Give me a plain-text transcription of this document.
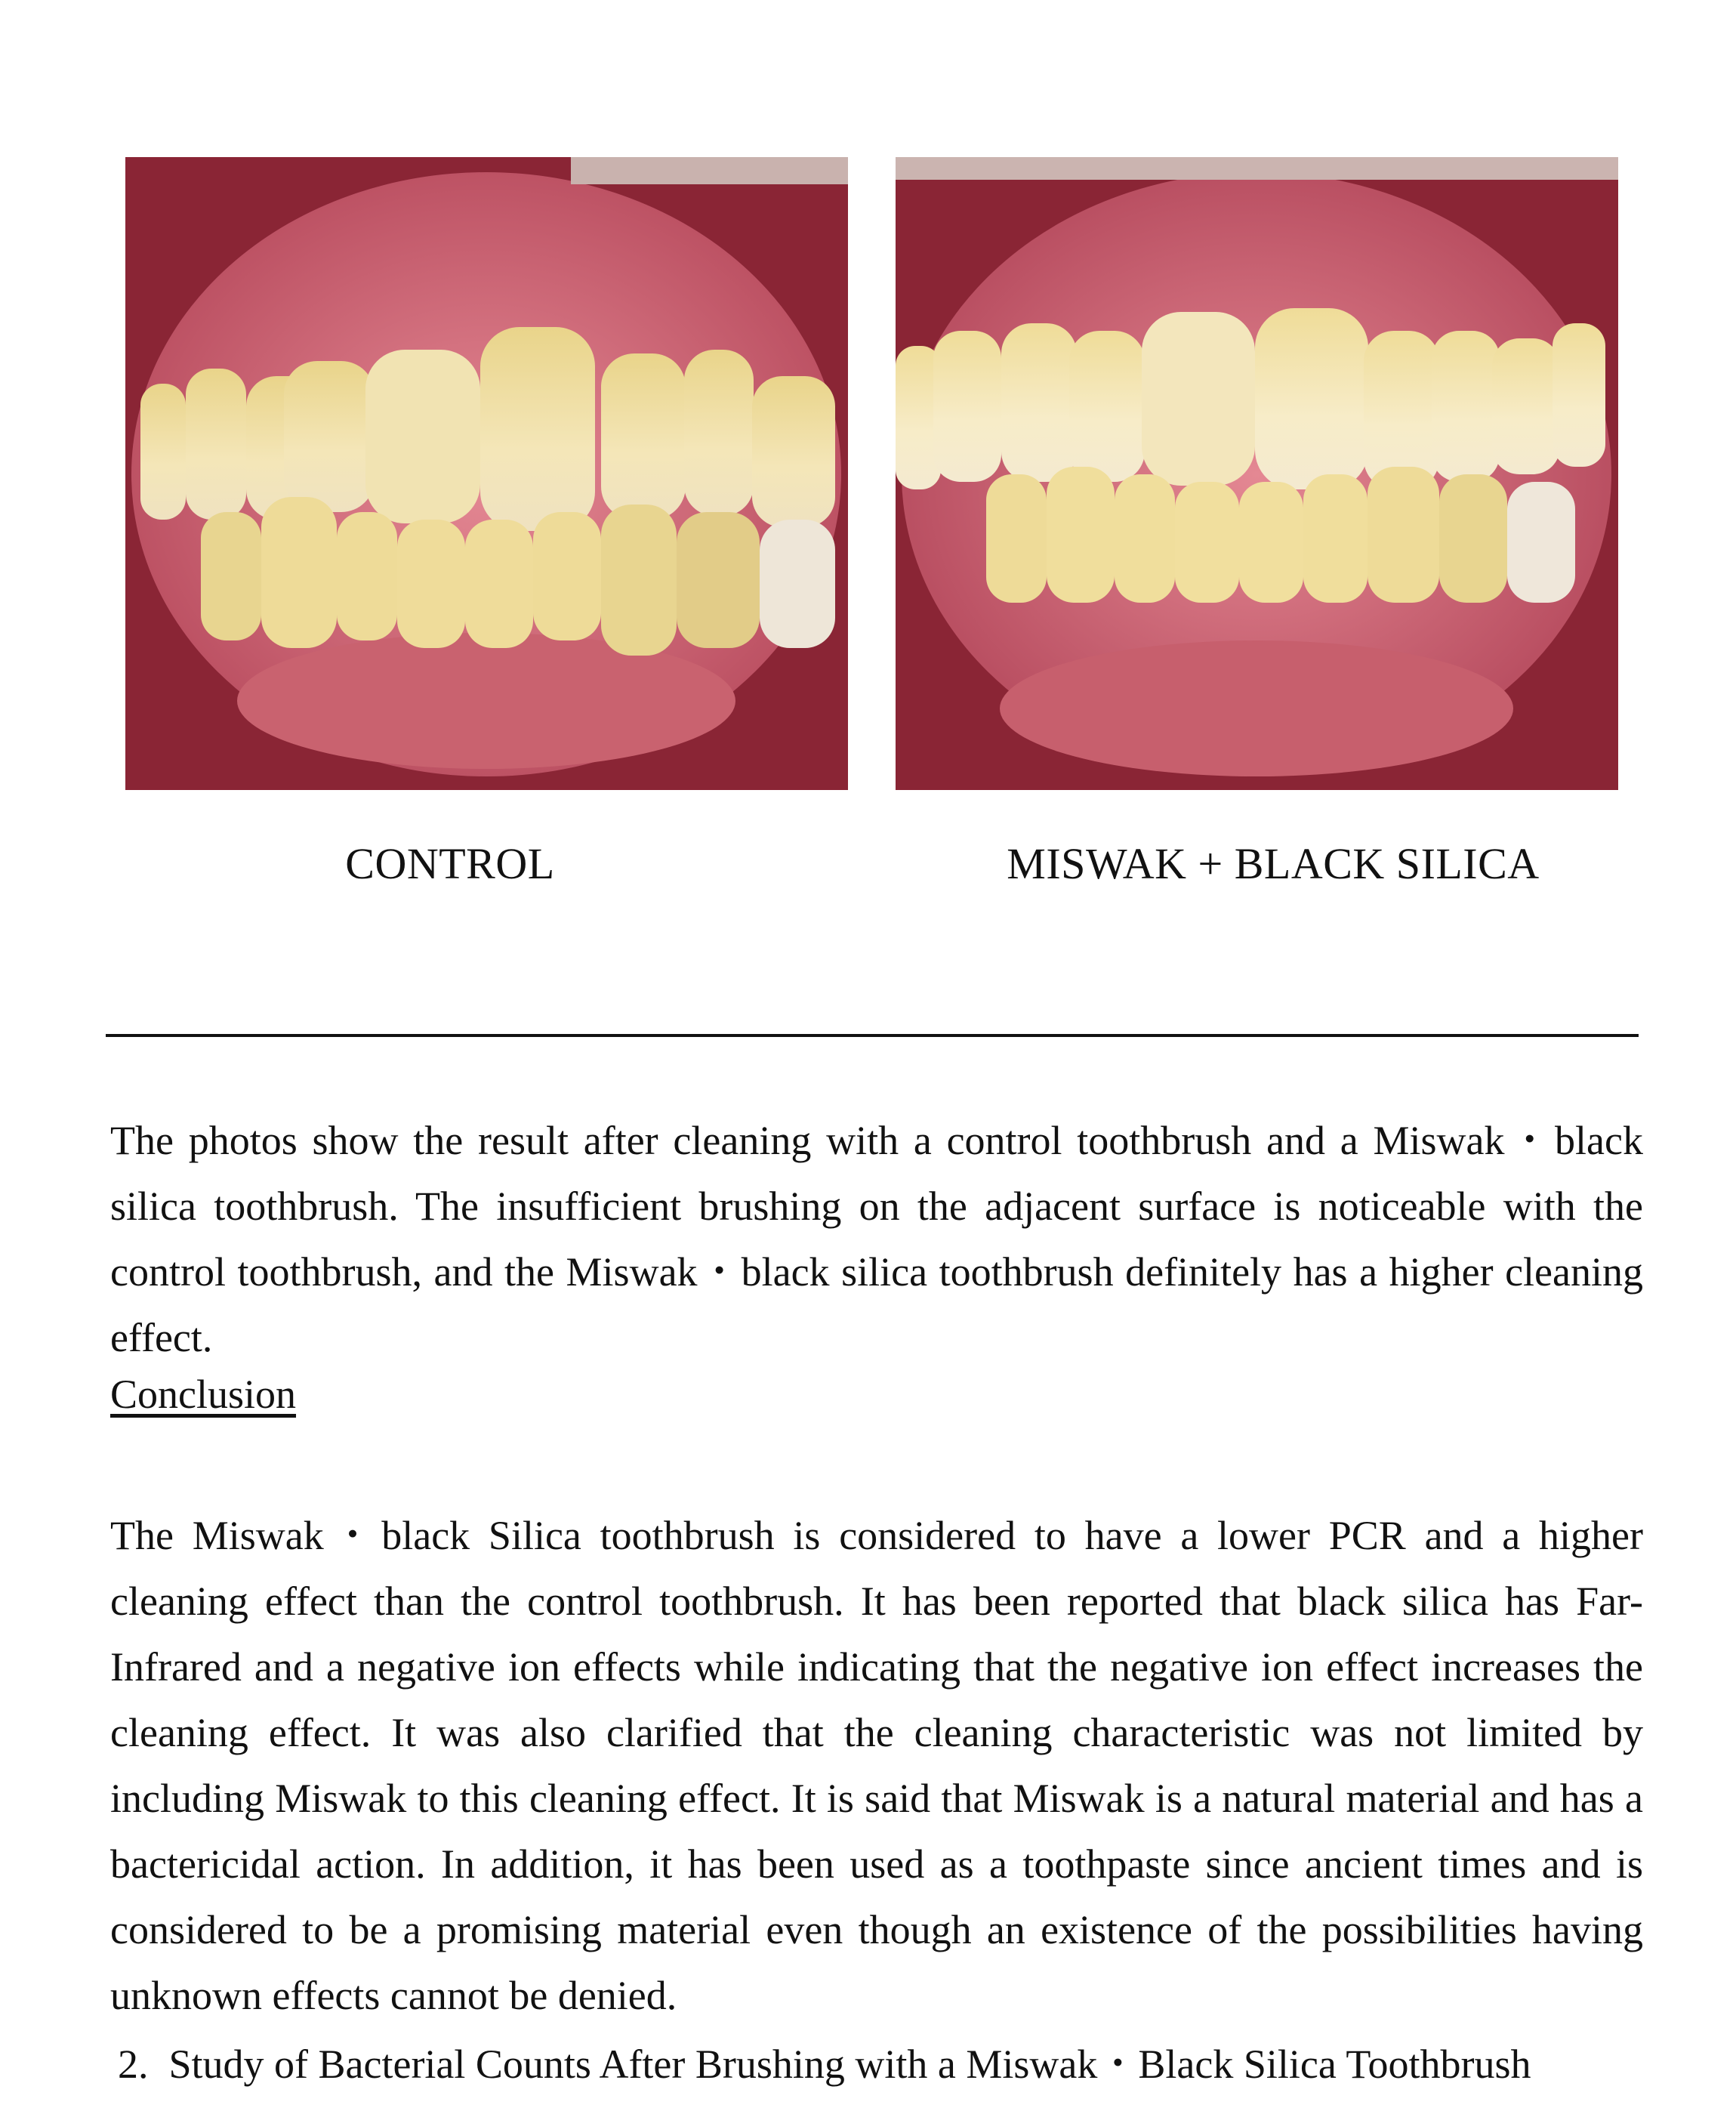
CONTROL	MISWAK + BLACK SILICA

The photos show the result after cleaning with a control toothbrush and a Miswak・black silica toothbrush. The insufficient brushing on the adjacent surface is noticeable with the control toothbrush, and the Miswak・black silica toothbrush definitely has a higher cleaning effect.

Conclusion

The Miswak・black Silica toothbrush is considered to have a lower PCR and a higher cleaning effect than the control toothbrush. It has been reported that black silica has Far-Infrared and a negative ion effects while indicating that the negative ion effect increases the cleaning effect. It was also clarified that the cleaning characteristic was not limited by including Miswak to this cleaning effect. It is said that Miswak is a natural material and has a bactericidal action. In addition, it has been used as a toothpaste since ancient times and is considered to be a promising material even though an existence of the possibilities having unknown effects cannot be denied.

2. Study of Bacterial Counts After Brushing with a Miswak・Black Silica Toothbrush
